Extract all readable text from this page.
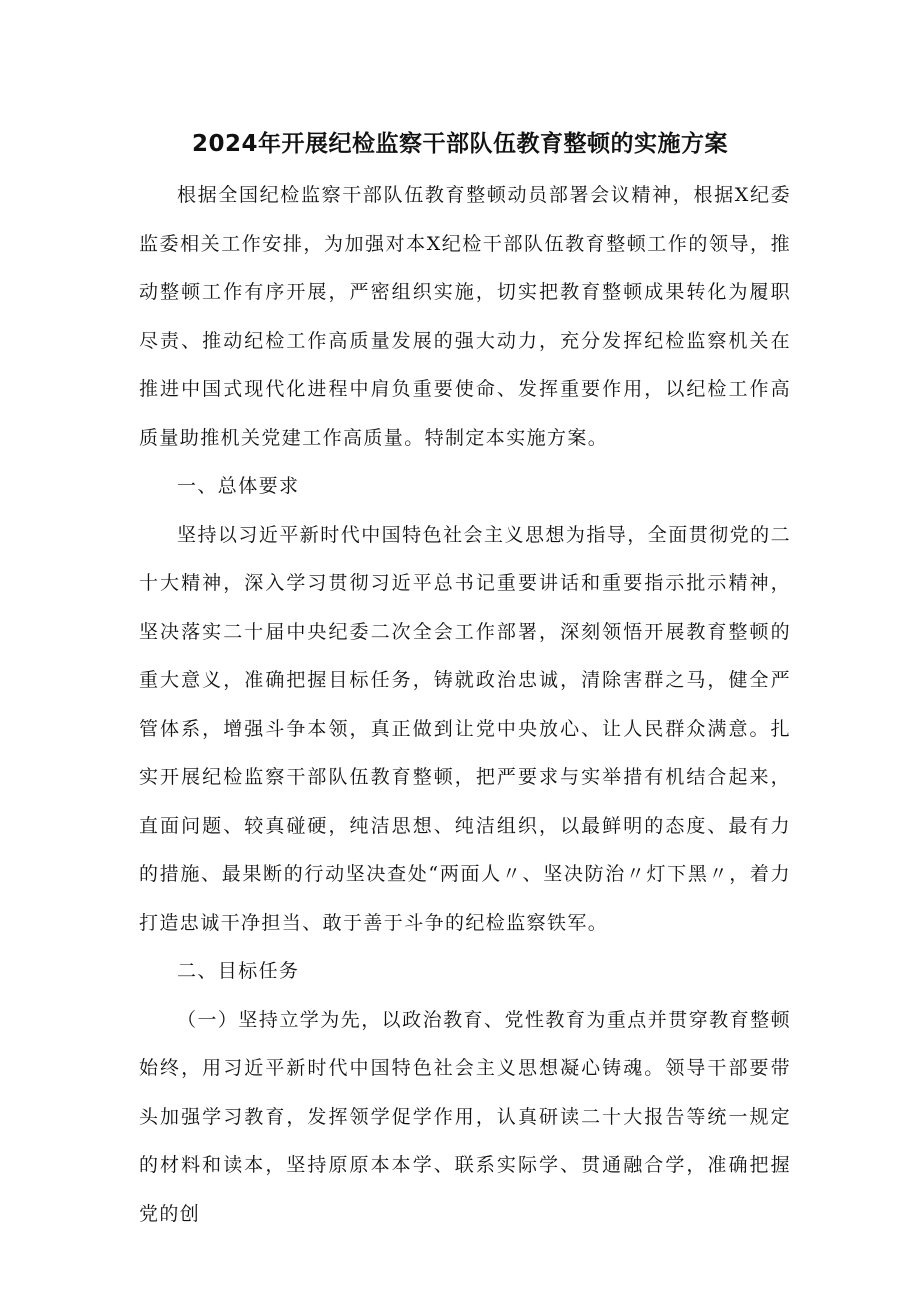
2024年开展纪检监察干部队伍教育整顿的实施方案

根据全国纪检监察干部队伍教育整顿动员部署会议精神，根据X纪委监委相关工作安排，为加强对本X纪检干部队伍教育整顿工作的领导，推动整顿工作有序开展，严密组织实施，切实把教育整顿成果转化为履职尽责、推动纪检工作高质量发展的强大动力，充分发挥纪检监察机关在推进中国式现代化进程中肩负重要使命、发挥重要作用，以纪检工作高质量助推机关党建工作高质量。特制定本实施方案。

一、总体要求

坚持以习近平新时代中国特色社会主义思想为指导，全面贯彻党的二十大精神，深入学习贯彻习近平总书记重要讲话和重要指示批示精神，坚决落实二十届中央纪委二次全会工作部署，深刻领悟开展教育整顿的重大意义，准确把握目标任务，铸就政治忠诚，清除害群之马，健全严管体系，增强斗争本领，真正做到让党中央放心、让人民群众满意。扎实开展纪检监察干部队伍教育整顿，把严要求与实举措有机结合起来，直面问题、较真碰硬，纯洁思想、纯洁组织，以最鲜明的态度、最有力的措施、最果断的行动坚决查处“两面人〃、坚决防治〃灯下黑〃，着力打造忠诚干净担当、敢于善于斗争的纪检监察铁军。

二、目标任务

（一）坚持立学为先，以政治教育、党性教育为重点并贯穿教育整顿始终，用习近平新时代中国特色社会主义思想凝心铸魂。领导干部要带头加强学习教育，发挥领学促学作用，认真研读二十大报告等统一规定的材料和读本，坚持原原本本学、联系实际学、贯通融合学，准确把握党的创
